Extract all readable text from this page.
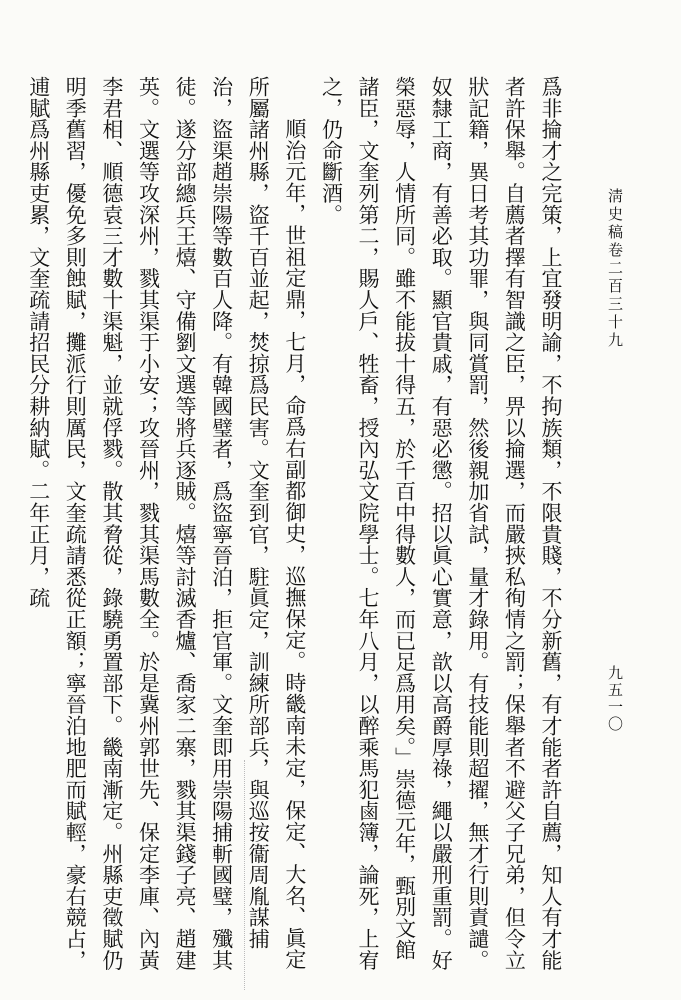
淸史稿卷二百三十九
九五一〇

爲非掄才之完策，上宜發明諭，不拘族類，不限貴賤，不分新舊，有才能者許自薦，知人有才能者許保舉。自薦者擇有智識之臣，畀以掄選，而嚴挾私徇情之罰；保舉者不避父子兄弟，但令立狀記籍，異日考其功罪，與同賞罰，然後親加省試，量才錄用。有技能則超擢，無才行則責譴。奴隸工商，有善必取。顯官貴戚，有惡必懲。招以眞心實意，歆以高爵厚祿，繩以嚴刑重罰。好榮惡辱，人情所同。雖不能拔十得五，於千百中得數人，而已足爲用矣。」崇德元年，甄別文館諸臣，文奎列第二，賜人戶、牲畜，授內弘文院學士。七年八月，以醉乘馬犯鹵簿，論死，上宥之，仍命斷酒。

順治元年，世祖定鼎，七月，命爲右副都御史，巡撫保定。時畿南未定，保定、大名、眞定所屬諸州縣，盜千百並起，焚掠爲民害。文奎到官，駐眞定，訓練所部兵，與巡按衞周胤謀捕治，盜渠趙崇陽等數百人降。有韓國璧者，爲盜寧晉泊，拒官軍。文奎即用崇陽捕斬國璧，殲其徒。遂分部總兵王熺、守備劉文選等將兵逐賊。熺等討滅香爐、喬家二寨，戮其渠錢子亮、趙建英。文選等攻深州，戮其渠于小安；攻晉州，戮其渠馬數全。於是冀州郭世先、保定李庫、內黃李君相、順德袁三才數十渠魁，並就俘戮。散其脅從，錄驍勇置部下。畿南漸定。州縣吏徵賦仍明季舊習，優免多則蝕賦，攤派行則厲民，文奎疏請悉從正額；寧晉泊地肥而賦輕，豪右競占，逋賦爲州縣吏累，文奎疏請招民分耕納賦。二年正月，疏
